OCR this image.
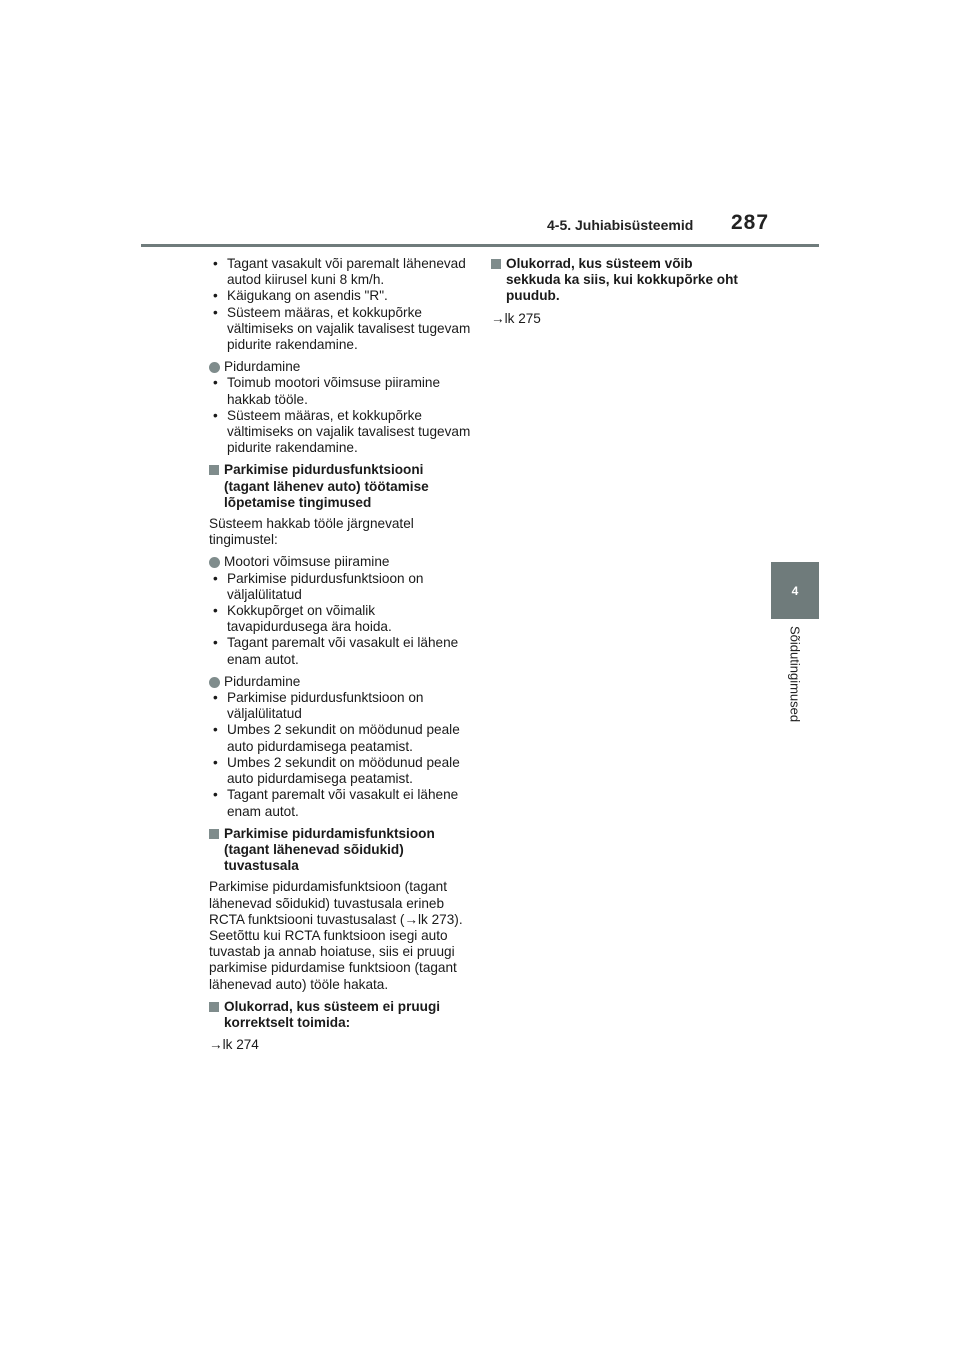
4-5. Juhiabisüsteemid 287
4
Sõidutingimused
• Tagant vasakult või paremalt lähenevad autod kiirusel kuni 8 km/h.
• Käigukang on asendis "R".
• Süsteem määras, et kokkupõrke vältimiseks on vajalik tavalisest tugevam pidurite rakendamine.
Pidurdamine
• Toimub mootori võimsuse piiramine hakkab tööle.
• Süsteem määras, et kokkupõrke vältimiseks on vajalik tavalisest tugevam pidurite rakendamine.
Parkimise pidurdusfunktsiooni (tagant lähenev auto) töötamise lõpetamise tingimused
Süsteem hakkab tööle järgnevatel tingimustel:
Mootori võimsuse piiramine
• Parkimise pidurdusfunktsioon on väljalülitatud
• Kokkupõrget on võimalik tavapidurdusega ära hoida.
• Tagant paremalt või vasakult ei lähene enam autot.
Pidurdamine
• Parkimise pidurdusfunktsioon on väljalülitatud
• Umbes 2 sekundit on möödunud peale auto pidurdamisega peatamist.
• Umbes 2 sekundit on möödunud peale auto pidurdamisega peatamist.
• Tagant paremalt või vasakult ei lähene enam autot.
Parkimise pidurdamisfunktsioon (tagant lähenevad sõidukid) tuvastusala
Parkimise pidurdamisfunktsioon (tagant lähenevad sõidukid) tuvastusala erineb RCTA funktsiooni tuvastusalast (→lk 273). Seetõttu kui RCTA funktsioon isegi auto tuvastab ja annab hoiatuse, siis ei pruugi parkimise pidurdamise funktsioon (tagant lähenevad auto) tööle hakata.
Olukorrad, kus süsteem ei pruugi korrektselt toimida:
→lk 274
Olukorrad, kus süsteem võib sekkuda ka siis, kui kokkupõrke oht puudub.
→lk 275
